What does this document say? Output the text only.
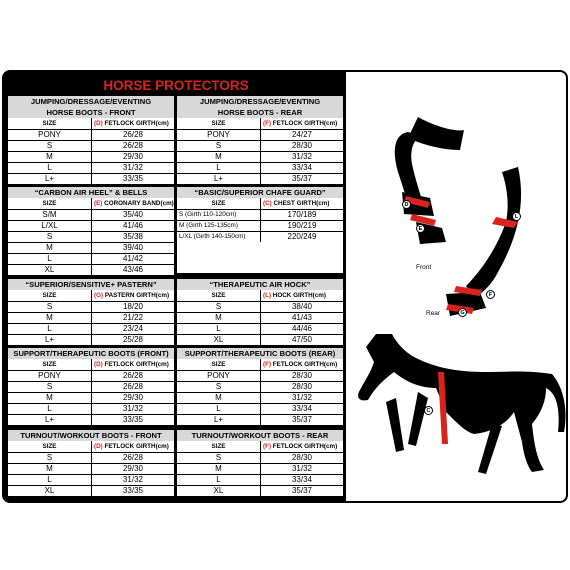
HORSE PROTECTORS
JUMPING/DRESSAGE/EVENTING HORSE BOOTS - FRONT
SIZE	(D) FETLOCK GIRTH(cm)
PONY	26/28
S	26/28
M	29/30
L	31/32
L+	33/35
JUMPING/DRESSAGE/EVENTING HORSE BOOTS - REAR
SIZE	(F) FETLOCK GIRTH(cm)
PONY	24/27
S	28/30
M	31/32
L	33/34
L+	35/37
“CARBON AIR HEEL” & BELLS
SIZE	(E) CORONARY BAND(cm)
S/M	35/40
L/XL	41/46
S	35/38
M	39/40
L	41/42
XL	43/46
“BASIC/SUPERIOR CHAFE GUARD”
SIZE	(C) CHEST GIRTH(cm)
S (Girth 110-120cm)	170/189
M (Girth 125-135cm)	190/219
L/XL (Girth 140-150cm)	220/249
“SUPERIOR/SENSITIVE+ PASTERN”
SIZE	(G) PASTERN GIRTH(cm)
S	18/20
M	21/22
L	23/24
L+	25/28
“THERAPEUTIC AIR HOCK”
SIZE	(L) HOCK GIRTH(cm)
S	38/40
M	41/43
L	44/46
XL	47/50
SUPPORT/THERAPEUTIC BOOTS (FRONT)
SIZE	(D) FETLOCK GIRTH(cm)
PONY	26/28
S	26/28
M	29/30
L	31/32
L+	33/35
SUPPORT/THERAPEUTIC BOOTS (REAR)
SIZE	(F) FETLOCK GIRTH(cm)
PONY	28/30
S	28/30
M	31/32
L	33/34
L+	35/37
TURNOUT/WORKOUT BOOTS - FRONT
SIZE	(D) FETLOCK GIRTH(cm)
S	26/28
M	29/30
L	31/32
XL	33/35
TURNOUT/WORKOUT BOOTS - REAR
SIZE	(F) FETLOCK GIRTH(cm)
S	28/30
M	31/32
L	33/34
XL	35/37
D
E
L
F
G
C
Front
Rear
